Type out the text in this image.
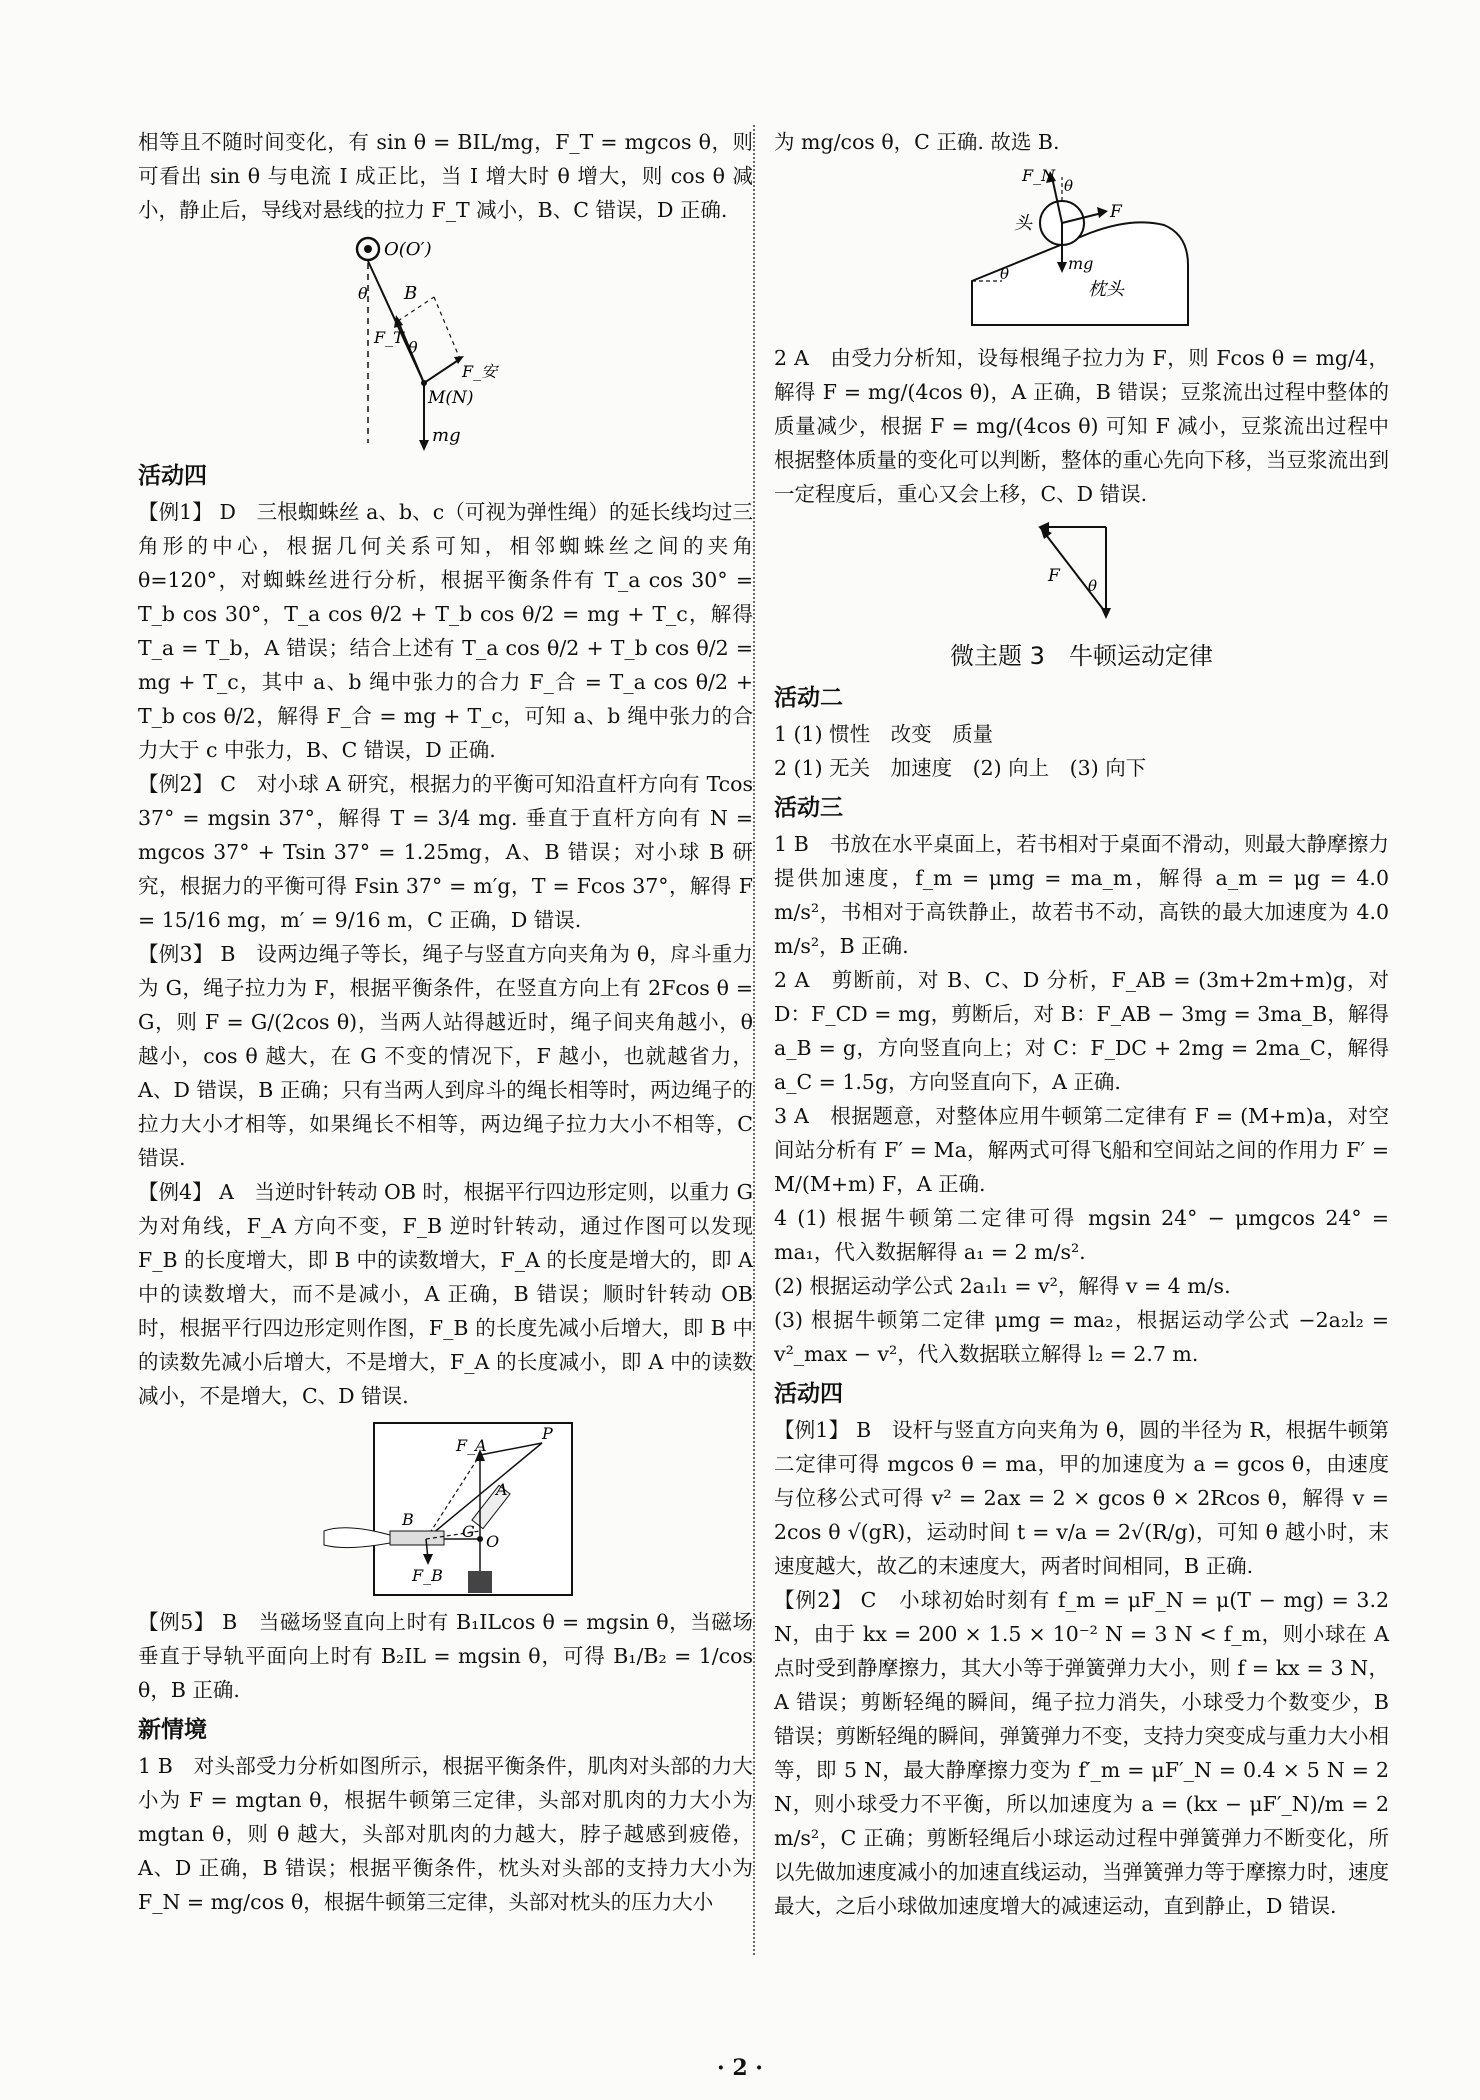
相等且不随时间变化，有 sin θ = BIL/mg，F_T = mgcos θ，则可看出 sin θ 与电流 I 成正比，当 I 增大时 θ 增大，则 cos θ 减小，静止后，导线对悬线的拉力 F_T 减小，B、C 错误，D 正确.

O(O′)
B
θ
F_T
θ
F_安
M(N)
mg
活动四

【例1】 D　三根蜘蛛丝 a、b、c（可视为弹性绳）的延长线均过三角形的中心，根据几何关系可知，相邻蜘蛛丝之间的夹角 θ=120°，对蜘蛛丝进行分析，根据平衡条件有 T_a cos 30° = T_b cos 30°，T_a cos θ/2 + T_b cos θ/2 = mg + T_c，解得 T_a = T_b，A 错误；结合上述有 T_a cos θ/2 + T_b cos θ/2 = mg + T_c，其中 a、b 绳中张力的合力 F_合 = T_a cos θ/2 + T_b cos θ/2，解得 F_合 = mg + T_c，可知 a、b 绳中张力的合力大于 c 中张力，B、C 错误，D 正确.

【例2】 C　对小球 A 研究，根据力的平衡可知沿直杆方向有 Tcos 37° = mgsin 37°，解得 T = 3/4 mg. 垂直于直杆方向有 N = mgcos 37° + Tsin 37° = 1.25mg，A、B 错误；对小球 B 研究，根据力的平衡可得 Fsin 37° = m′g，T = Fcos 37°，解得 F = 15/16 mg，m′ = 9/16 m，C 正确，D 错误.

【例3】 B　设两边绳子等长，绳子与竖直方向夹角为 θ，戽斗重力为 G，绳子拉力为 F，根据平衡条件，在竖直方向上有 2Fcos θ = G，则 F = G/(2cos θ)，当两人站得越近时，绳子间夹角越小，θ 越小，cos θ 越大，在 G 不变的情况下，F 越小，也就越省力，A、D 错误，B 正确；只有当两人到戽斗的绳长相等时，两边绳子的拉力大小才相等，如果绳长不相等，两边绳子拉力大小不相等，C 错误.

【例4】 A　当逆时针转动 OB 时，根据平行四边形定则，以重力 G 为对角线，F_A 方向不变，F_B 逆时针转动，通过作图可以发现 F_B 的长度增大，即 B 中的读数增大，F_A 的长度是增大的，即 A 中的读数增大，而不是减小，A 正确，B 错误；顺时针转动 OB 时，根据平行四边形定则作图，F_B 的长度先减小后增大，即 B 中的读数先减小后增大，不是增大，F_A 的长度减小，即 A 中的读数减小，不是增大，C、D 错误.

F_A
P
A
B
G
O
F_B

【例5】 B　当磁场竖直向上时有 B₁ILcos θ = mgsin θ，当磁场垂直于导轨平面向上时有 B₂IL = mgsin θ，可得 B₁/B₂ = 1/cos θ，B 正确.

新情境

1 B　对头部受力分析如图所示，根据平衡条件，肌肉对头部的力大小为 F = mgtan θ，根据牛顿第三定律，头部对肌肉的力大小为 mgtan θ，则 θ 越大，头部对肌肉的力越大，脖子越感到疲倦，A、D 正确，B 错误；根据平衡条件，枕头对头部的支持力大小为 F_N = mg/cos θ，根据牛顿第三定律，头部对枕头的压力大小

为 mg/cos θ，C 正确. 故选 B.

F_N
θ
头
F
mg
枕头
θ

2 A　由受力分析知，设每根绳子拉力为 F，则 Fcos θ = mg/4，解得 F = mg/(4cos θ)，A 正确，B 错误；豆浆流出过程中整体的质量减少，根据 F = mg/(4cos θ) 可知 F 减小，豆浆流出过程中根据整体质量的变化可以判断，整体的重心先向下移，当豆浆流出到一定程度后，重心又会上移，C、D 错误.

F θ
微主题 3　牛顿运动定律
活动二

1 (1) 惯性　改变　质量

2 (1) 无关　加速度　(2) 向上　(3) 向下

活动三

1 B　书放在水平桌面上，若书相对于桌面不滑动，则最大静摩擦力提供加速度，f_m = μmg = ma_m，解得 a_m = μg = 4.0 m/s²，书相对于高铁静止，故若书不动，高铁的最大加速度为 4.0 m/s²，B 正确.

2 A　剪断前，对 B、C、D 分析，F_AB = (3m+2m+m)g，对 D：F_CD = mg，剪断后，对 B：F_AB − 3mg = 3ma_B，解得 a_B = g，方向竖直向上；对 C：F_DC + 2mg = 2ma_C，解得 a_C = 1.5g，方向竖直向下，A 正确.

3 A　根据题意，对整体应用牛顿第二定律有 F = (M+m)a，对空间站分析有 F′ = Ma，解两式可得飞船和空间站之间的作用力 F′ = M/(M+m) F，A 正确.

4 (1) 根据牛顿第二定律可得 mgsin 24° − μmgcos 24° = ma₁，代入数据解得 a₁ = 2 m/s².
(2) 根据运动学公式 2a₁l₁ = v²，解得 v = 4 m/s.
(3) 根据牛顿第二定律 μmg = ma₂，根据运动学公式 −2a₂l₂ = v²_max − v²，代入数据联立解得 l₂ = 2.7 m.

活动四

【例1】 B　设杆与竖直方向夹角为 θ，圆的半径为 R，根据牛顿第二定律可得 mgcos θ = ma，甲的加速度为 a = gcos θ，由速度与位移公式可得 v² = 2ax = 2 × gcos θ × 2Rcos θ，解得 v = 2cos θ √(gR)，运动时间 t = v/a = 2√(R/g)，可知 θ 越小时，末速度越大，故乙的末速度大，两者时间相同，B 正确.

【例2】 C　小球初始时刻有 f_m = μF_N = μ(T − mg) = 3.2 N，由于 kx = 200 × 1.5 × 10⁻² N = 3 N < f_m，则小球在 A 点时受到静摩擦力，其大小等于弹簧弹力大小，则 f = kx = 3 N，A 错误；剪断轻绳的瞬间，绳子拉力消失，小球受力个数变少，B 错误；剪断轻绳的瞬间，弹簧弹力不变，支持力突变成与重力大小相等，即 5 N，最大静摩擦力变为 f′_m = μF′_N = 0.4 × 5 N = 2 N，则小球受力不平衡，所以加速度为 a = (kx − μF′_N)/m = 2 m/s²，C 正确；剪断轻绳后小球运动过程中弹簧弹力不断变化，所以先做加速度减小的加速直线运动，当弹簧弹力等于摩擦力时，速度最大，之后小球做加速度增大的减速运动，直到静止，D 错误.

· 2 ·
